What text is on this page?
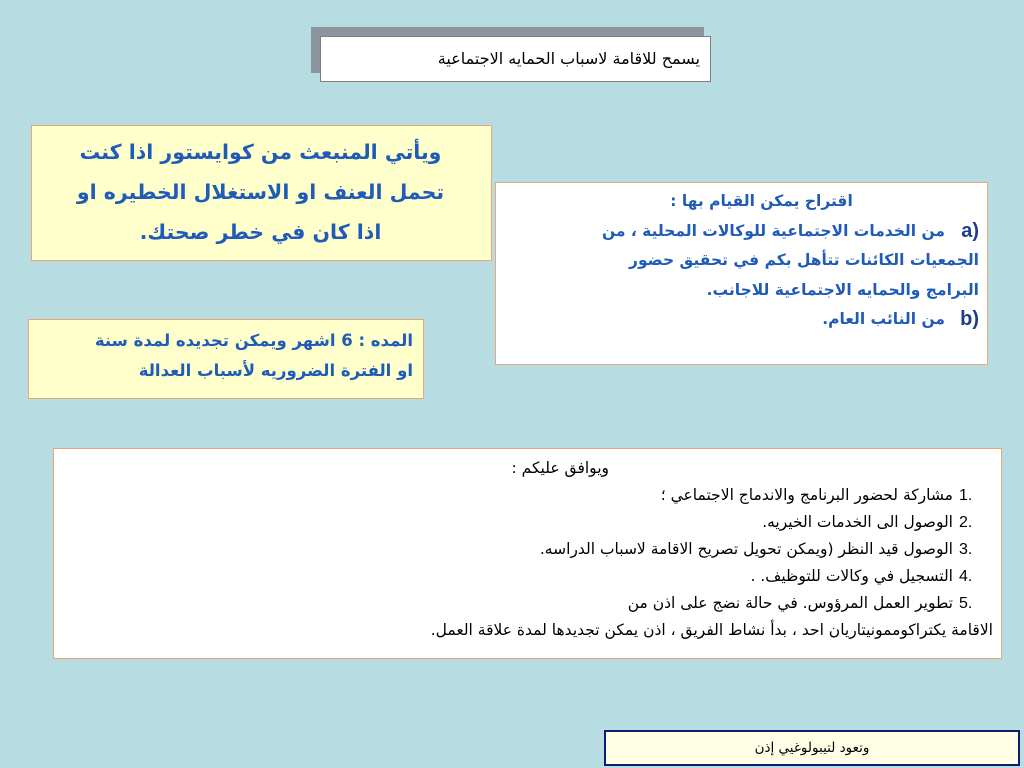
يسمح للاقامة لاسباب الحمايه الاجتماعية
ويأتي المنبعث من كوايستور اذا كنت
تحمل العنف او الاستغلال الخطيره او
اذا كان في خطر صحتك.
اقتراح يمكن القيام بها :
a)
من الخدمات الاجتماعية للوكالات المحلية ، من
الجمعيات الكائنات تتأهل بكم في تحقيق حضور
البرامج والحمايه الاجتماعية للاجانب.
b)
من النائب العام.
المده : 6 اشهر ويمكن تجديده لمدة سنة
او الفترة الضروريه لأسباب العدالة
ويوافق عليكم :
1.
مشاركة لحضور البرنامج والاندماج الاجتماعي ؛
2.
الوصول الى الخدمات الخيريه.
3.
الوصول قيد النظر (ويمكن تحويل تصريح الاقامة لاسباب الدراسه.
4.
التسجيل في وكالات للتوظيف. .
5.
تطوير العمل المرؤوس. في حالة نضج على اذن من
الاقامة يكتراكوممونيتاريان احد ، بدأ نشاط الفريق ، اذن يمكن تجديدها لمدة علاقة العمل.
وتعود لتيبولوغيي إذن
